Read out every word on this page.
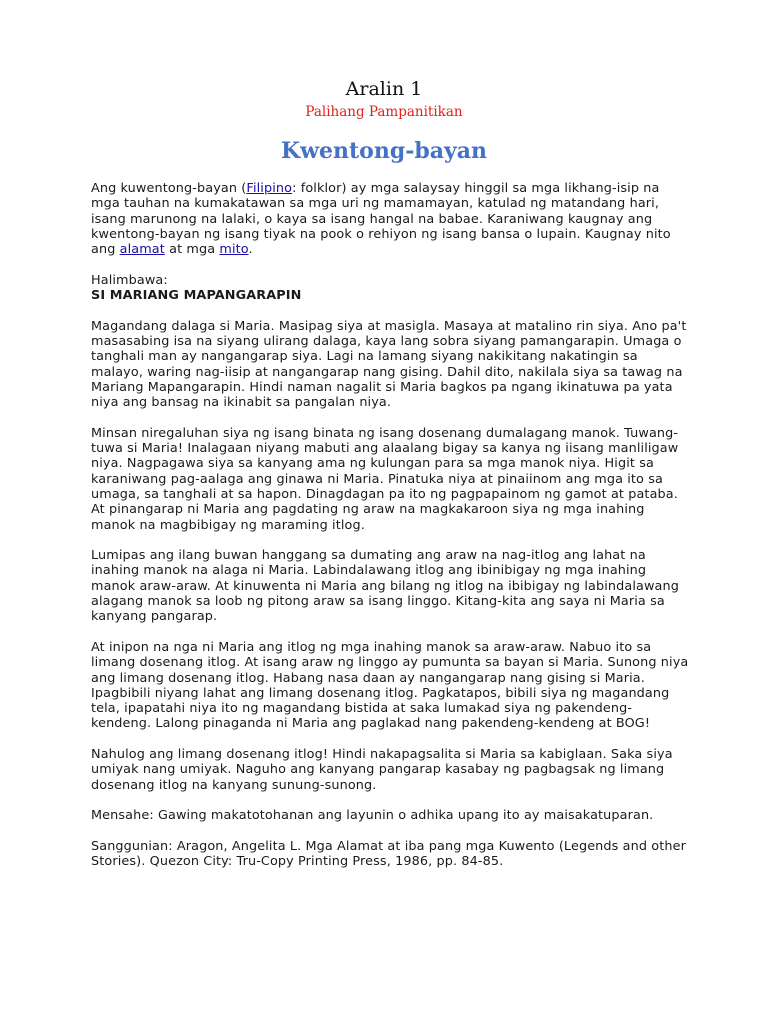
Aralin 1
Palihang Pampanitikan
Kwentong-bayan

Ang kuwentong-bayan (Filipino: folklor) ay mga salaysay hinggil sa mga likhang-isip na mga tauhan na kumakatawan sa mga uri ng mamamayan, katulad ng matandang hari, isang marunong na lalaki, o kaya sa isang hangal na babae. Karaniwang kaugnay ang kwentong-bayan ng isang tiyak na pook o rehiyon ng isang bansa o lupain. Kaugnay nito ang alamat at mga mito.

Halimbawa:
SI MARIANG MAPANGARAPIN

Magandang dalaga si Maria. Masipag siya at masigla. Masaya at matalino rin siya. Ano pa't masasabing isa na siyang ulirang dalaga, kaya lang sobra siyang pamangarapin. Umaga o tanghali man ay nangangarap siya. Lagi na lamang siyang nakikitang nakatingin sa malayo, waring nag-iisip at nangangarap nang gising. Dahil dito, nakilala siya sa tawag na Mariang Mapangarapin. Hindi naman nagalit si Maria bagkos pa ngang ikinatuwa pa yata niya ang bansag na ikinabit sa pangalan niya.

Minsan niregaluhan siya ng isang binata ng isang dosenang dumalagang manok. Tuwang-tuwa si Maria! Inalagaan niyang mabuti ang alaalang bigay sa kanya ng iisang manliligaw niya. Nagpagawa siya sa kanyang ama ng kulungan para sa mga manok niya. Higit sa karaniwang pag-aalaga ang ginawa ni Maria. Pinatuka niya at pinaiinom ang mga ito sa umaga, sa tanghali at sa hapon. Dinagdagan pa ito ng pagpapainom ng gamot at pataba. At pinangarap ni Maria ang pagdating ng araw na magkakaroon siya ng mga inahing manok na magbibigay ng maraming itlog.

Lumipas ang ilang buwan hanggang sa dumating ang araw na nag-itlog ang lahat na inahing manok na alaga ni Maria. Labindalawang itlog ang ibinibigay ng mga inahing manok araw-araw. At kinuwenta ni Maria ang bilang ng itlog na ibibigay ng labindalawang alagang manok sa loob ng pitong araw sa isang linggo. Kitang-kita ang saya ni Maria sa kanyang pangarap.

At inipon na nga ni Maria ang itlog ng mga inahing manok sa araw-araw. Nabuo ito sa limang dosenang itlog. At isang araw ng linggo ay pumunta sa bayan si Maria. Sunong niya ang limang dosenang itlog. Habang nasa daan ay nangangarap nang gising si Maria. Ipagbibili niyang lahat ang limang dosenang itlog. Pagkatapos, bibili siya ng magandang tela, ipapatahi niya ito ng magandang bistida at saka lumakad siya ng pakendeng-kendeng. Lalong pinaganda ni Maria ang paglakad nang pakendeng-kendeng at BOG!

Nahulog ang limang dosenang itlog! Hindi nakapagsalita si Maria sa kabiglaan. Saka siya umiyak nang umiyak. Naguho ang kanyang pangarap kasabay ng pagbagsak ng limang dosenang itlog na kanyang sunung-sunong.

Mensahe: Gawing makatotohanan ang layunin o adhika upang ito ay maisakatuparan.

Sanggunian: Aragon, Angelita L. Mga Alamat at iba pang mga Kuwento (Legends and other Stories). Quezon City: Tru-Copy Printing Press, 1986, pp. 84-85.
